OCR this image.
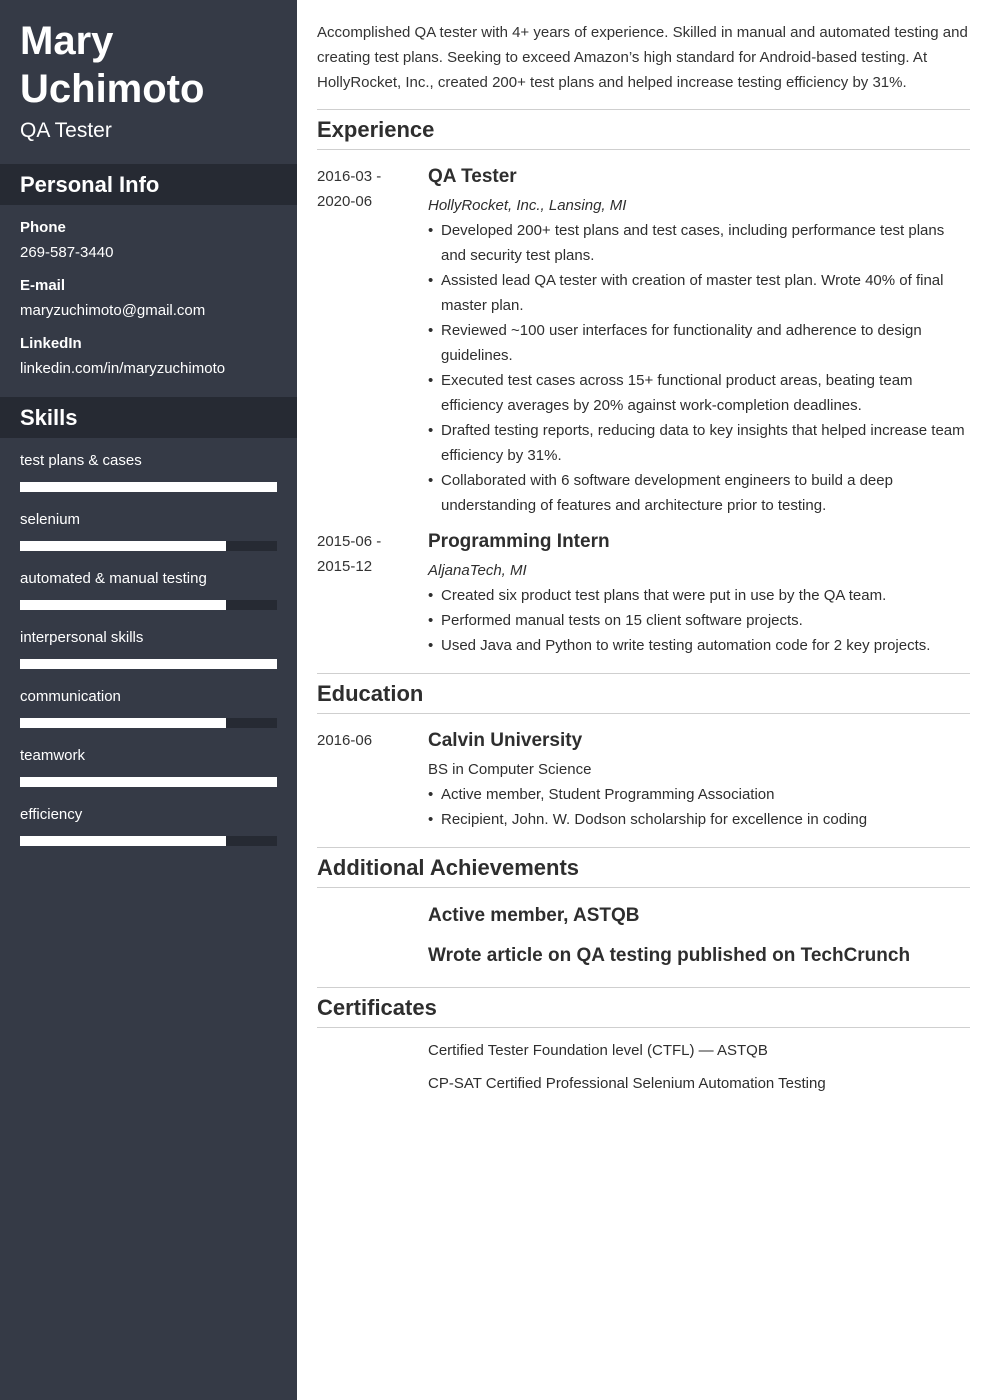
Mary
Uchimoto
QA Tester
Personal Info
Phone
269-587-3440
E-mail
maryzuchimoto@gmail.com
LinkedIn
linkedin.com/in/maryzuchimoto
Skills
test plans & cases
selenium
automated & manual testing
interpersonal skills
communication
teamwork
efficiency

Accomplished QA tester with 4+ years of experience. Skilled in manual and automated testing and creating test plans. Seeking to exceed Amazon’s high standard for Android-based testing. At HollyRocket, Inc., created 200+ test plans and helped increase testing efficiency by 31%.

Experience
2016-03 -
2020-06
QA Tester
HollyRocket, Inc., Lansing, MI
• Developed 200+ test plans and test cases, including performance test plans and security test plans.
• Assisted lead QA tester with creation of master test plan. Wrote 40% of final master plan.
• Reviewed ~100 user interfaces for functionality and adherence to design guidelines.
• Executed test cases across 15+ functional product areas, beating team efficiency averages by 20% against work-completion deadlines.
• Drafted testing reports, reducing data to key insights that helped increase team efficiency by 31%.
• Collaborated with 6 software development engineers to build a deep understanding of features and architecture prior to testing.
2015-06 -
2015-12
Programming Intern
AljanaTech, MI
• Created six product test plans that were put in use by the QA team.
• Performed manual tests on 15 client software projects.
• Used Java and Python to write testing automation code for 2 key projects.
Education
2016-06	Calvin University
BS in Computer Science
• Active member, Student Programming Association
• Recipient, John. W. Dodson scholarship for excellence in coding
Additional Achievements
Active member, ASTQB
Wrote article on QA testing published on TechCrunch
Certificates
Certified Tester Foundation level (CTFL) — ASTQB
CP-SAT Certified Professional Selenium Automation Testing
